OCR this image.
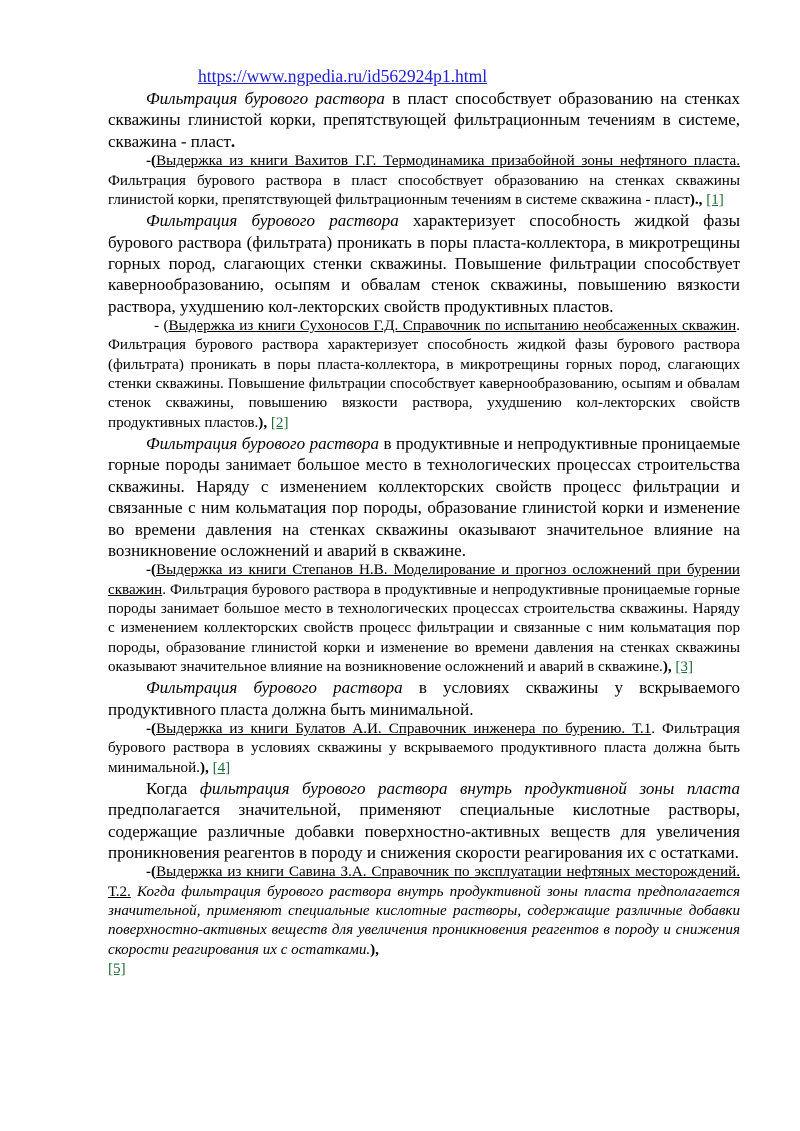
https://www.ngpedia.ru/id562924p1.html

Фильтрация бурового раствора в пласт способствует образованию на стенках скважины глинистой корки, препятствующей фильтрационным течениям в системе, скважина - пласт.

-(Выдержка из книги Вахитов Г.Г. Термодинамика призабойной зоны нефтяного пласта. Фильтрация бурового раствора в пласт способствует образованию на стенках скважины глинистой корки, препятствующей фильтрационным течениям в системе скважина - пласт)., [1]

Фильтрация бурового раствора характеризует способность жидкой фазы бурового раствора (фильтрата) проникать в поры пласта-коллектора, в микротрещины горных пород, слагающих стенки скважины. Повышение фильтрации способствует кавернообразованию, осыпям и обвалам стенок скважины, повышению вязкости раствора, ухудшению кол-лекторских свойств продуктивных пластов.

- (Выдержка из книги Сухоносов Г.Д. Справочник по испытанию необсаженных скважин. Фильтрация бурового раствора характеризует способность жидкой фазы бурового раствора (фильтрата) проникать в поры пласта-коллектора, в микротрещины горных пород, слагающих стенки скважины. Повышение фильтрации способствует кавернообразованию, осыпям и обвалам стенок скважины, повышению вязкости раствора, ухудшению кол-лекторских свойств продуктивных пластов.), [2]

Фильтрация бурового раствора в продуктивные и непродуктивные проницаемые горные породы занимает большое место в технологических процессах строительства скважины. Наряду с изменением коллекторских свойств процесс фильтрации и связанные с ним кольматация пор породы, образование глинистой корки и изменение во времени давления на стенках скважины оказывают значительное влияние на возникновение осложнений и аварий в скважине.

-(Выдержка из книги Степанов Н.В. Моделирование и прогноз осложнений при бурении скважин. Фильтрация бурового раствора в продуктивные и непродуктивные проницаемые горные породы занимает большое место в технологических процессах строительства скважины. Наряду с изменением коллекторских свойств процесс фильтрации и связанные с ним кольматация пор породы, образование глинистой корки и изменение во времени давления на стенках скважины оказывают значительное влияние на возникновение осложнений и аварий в скважине.), [3]

Фильтрация бурового раствора в условиях скважины у вскрываемого продуктивного пласта должна быть минимальной.

-(Выдержка из книги Булатов А.И. Справочник инженера по бурению. Т.1. Фильтрация бурового раствора в условиях скважины у вскрываемого продуктивного пласта должна быть минимальной.), [4]

Когда фильтрация бурового раствора внутрь продуктивной зоны пласта предполагается значительной, применяют специальные кислотные растворы, содержащие различные добавки поверхностно-активных веществ для увеличения проникновения реагентов в породу и снижения скорости реагирования их с остатками.

-(Выдержка из книги Савина З.А. Справочник по эксплуатации нефтяных месторождений. Т.2. Когда фильтрация бурового раствора внутрь продуктивной зоны пласта предполагается значительной, применяют специальные кислотные растворы, содержащие различные добавки поверхностно-активных веществ для увеличения проникновения реагентов в породу и снижения скорости реагирования их с остатками.),
[5]
